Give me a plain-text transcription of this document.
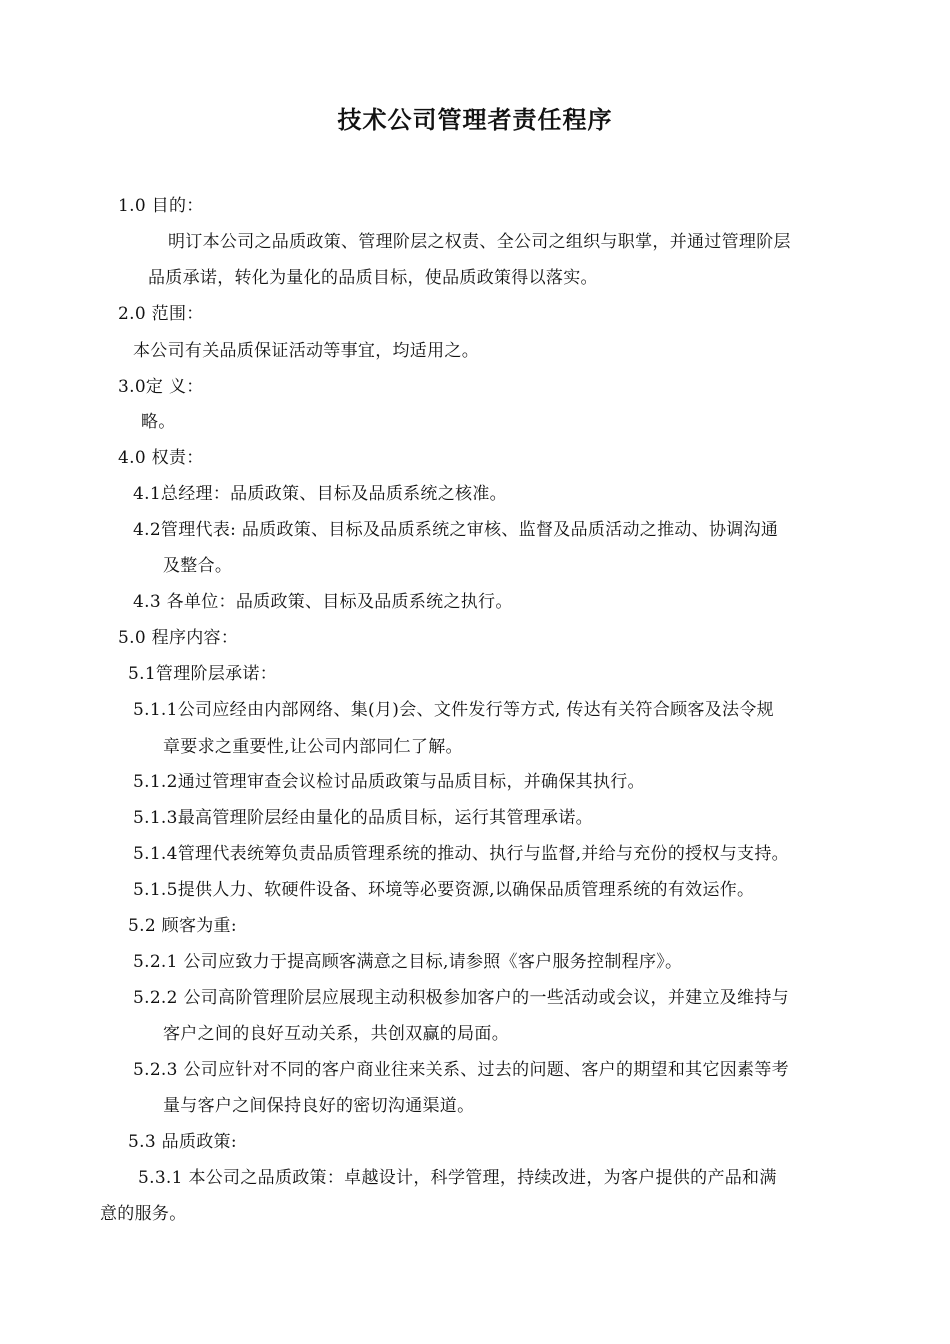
技术公司管理者责任程序
1.0 目的：
明订本公司之品质政策、管理阶层之权责、全公司之组织与职掌，并通过管理阶层
品质承诺，转化为量化的品质目标，使品质政策得以落实。
2.0 范围：
本公司有关品质保证活动等事宜，均适用之。
3.0定 义：
略。
4.0 权责：
4.1总经理：品质政策、目标及品质系统之核准。
4.2管理代表: 品质政策、目标及品质系统之审核、监督及品质活动之推动、协调沟通
及整合。
4.3 各单位：品质政策、目标及品质系统之执行。
5.0 程序内容：
5.1管理阶层承诺：
5.1.1公司应经由内部网络、集(月)会、文件发行等方式, 传达有关符合顾客及法令规
章要求之重要性,让公司内部同仁了解。
5.1.2通过管理审查会议检讨品质政策与品质目标，并确保其执行。
5.1.3最高管理阶层经由量化的品质目标，运行其管理承诺。
5.1.4管理代表统筹负责品质管理系统的推动、执行与监督,并给与充份的授权与支持。
5.1.5提供人力、软硬件设备、环境等必要资源,以确保品质管理系统的有效运作。
5.2 顾客为重:
5.2.1 公司应致力于提高顾客满意之目标,请参照《客户服务控制程序》。
5.2.2 公司高阶管理阶层应展现主动积极参加客户的一些活动或会议，并建立及维持与
客户之间的良好互动关系，共创双赢的局面。
5.2.3 公司应针对不同的客户商业往来关系、过去的问题、客户的期望和其它因素等考
量与客户之间保持良好的密切沟通渠道。
5.3 品质政策:
5.3.1 本公司之品质政策：卓越设计，科学管理，持续改进，为客户提供的产品和满
意的服务。
